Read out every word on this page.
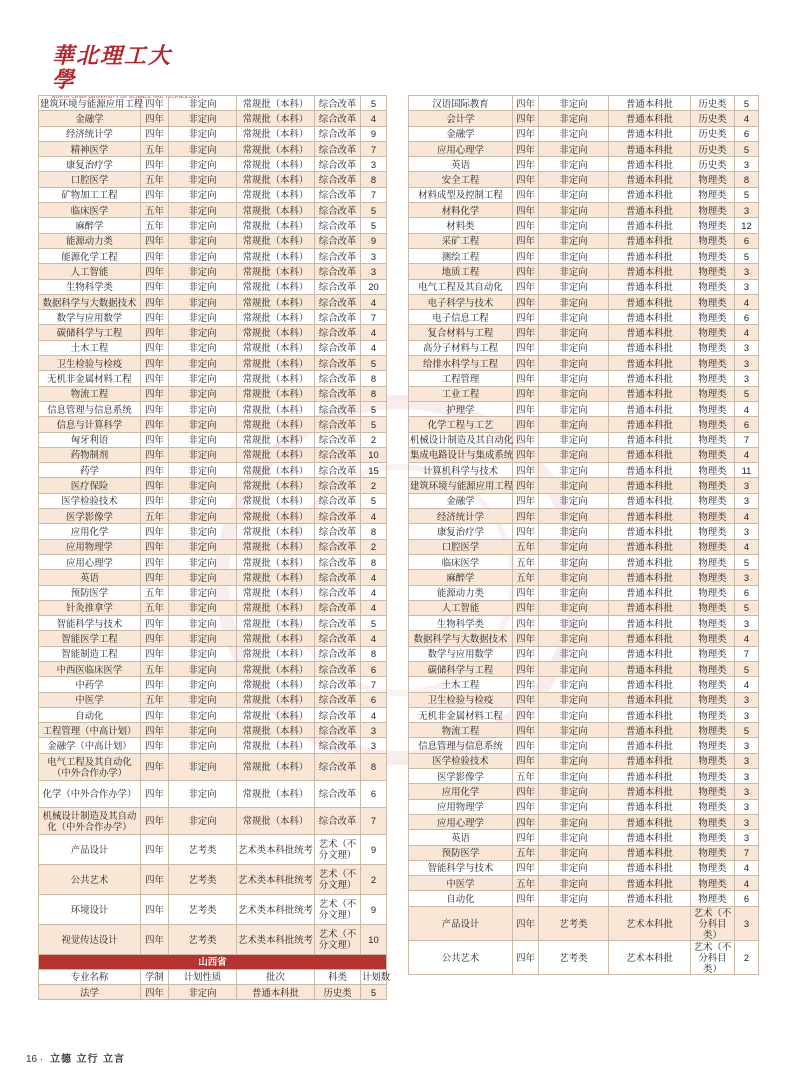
華北理工大學
NORTH CHINA UNIVERSITY OF SCIENCE AND TECHNOLOGY
建筑环境与能源应用工程	四年	非定向	常规批（本科）	综合改革	5
金融学	四年	非定向	常规批（本科）	综合改革	4
经济统计学	四年	非定向	常规批（本科）	综合改革	9
精神医学	五年	非定向	常规批（本科）	综合改革	7
康复治疗学	四年	非定向	常规批（本科）	综合改革	3
口腔医学	五年	非定向	常规批（本科）	综合改革	8
矿物加工工程	四年	非定向	常规批（本科）	综合改革	7
临床医学	五年	非定向	常规批（本科）	综合改革	5
麻醉学	五年	非定向	常规批（本科）	综合改革	5
能源动力类	四年	非定向	常规批（本科）	综合改革	9
能源化学工程	四年	非定向	常规批（本科）	综合改革	3
人工智能	四年	非定向	常规批（本科）	综合改革	3
生物科学类	四年	非定向	常规批（本科）	综合改革	20
数据科学与大数据技术	四年	非定向	常规批（本科）	综合改革	4
数学与应用数学	四年	非定向	常规批（本科）	综合改革	7
碳储科学与工程	四年	非定向	常规批（本科）	综合改革	4
土木工程	四年	非定向	常规批（本科）	综合改革	4
卫生检验与检疫	四年	非定向	常规批（本科）	综合改革	5
无机非金属材料工程	四年	非定向	常规批（本科）	综合改革	8
物流工程	四年	非定向	常规批（本科）	综合改革	8
信息管理与信息系统	四年	非定向	常规批（本科）	综合改革	5
信息与计算科学	四年	非定向	常规批（本科）	综合改革	5
匈牙利语	四年	非定向	常规批（本科）	综合改革	2
药物制剂	四年	非定向	常规批（本科）	综合改革	10
药学	四年	非定向	常规批（本科）	综合改革	15
医疗保险	四年	非定向	常规批（本科）	综合改革	2
医学检验技术	四年	非定向	常规批（本科）	综合改革	5
医学影像学	五年	非定向	常规批（本科）	综合改革	4
应用化学	四年	非定向	常规批（本科）	综合改革	8
应用物理学	四年	非定向	常规批（本科）	综合改革	2
应用心理学	四年	非定向	常规批（本科）	综合改革	8
英语	四年	非定向	常规批（本科）	综合改革	4
预防医学	五年	非定向	常规批（本科）	综合改革	4
针灸推拿学	五年	非定向	常规批（本科）	综合改革	4
智能科学与技术	四年	非定向	常规批（本科）	综合改革	5
智能医学工程	四年	非定向	常规批（本科）	综合改革	4
智能制造工程	四年	非定向	常规批（本科）	综合改革	8
中西医临床医学	五年	非定向	常规批（本科）	综合改革	6
中药学	四年	非定向	常规批（本科）	综合改革	7
中医学	五年	非定向	常规批（本科）	综合改革	6
自动化	四年	非定向	常规批（本科）	综合改革	4
工程管理（中高计划）	四年	非定向	常规批（本科）	综合改革	3
金融学（中高计划）	四年	非定向	常规批（本科）	综合改革	3
电气工程及其自动化（中外合作办学）	四年	非定向	常规批（本科）	综合改革	8
化学（中外合作办学）	四年	非定向	常规批（本科）	综合改革	6
机械设计制造及其自动化（中外合作办学）	四年	非定向	常规批（本科）	综合改革	7
产品设计	四年	艺考类	艺术类本科批统考	艺术（不分文理）	9
公共艺术	四年	艺考类	艺术类本科批统考	艺术（不分文理）	2
环境设计	四年	艺考类	艺术类本科批统考	艺术（不分文理）	9
视觉传达设计	四年	艺考类	艺术类本科批统考	艺术（不分文理）	10
山西省					
专业名称	学制	计划性质	批次	科类	计划数
法学	四年	非定向	普通本科批	历史类	5
汉语国际教育	四年	非定向	普通本科批	历史类	5
会计学	四年	非定向	普通本科批	历史类	4
金融学	四年	非定向	普通本科批	历史类	6
应用心理学	四年	非定向	普通本科批	历史类	5
英语	四年	非定向	普通本科批	历史类	3
安全工程	四年	非定向	普通本科批	物理类	8
材料成型及控制工程	四年	非定向	普通本科批	物理类	5
材料化学	四年	非定向	普通本科批	物理类	3
材料类	四年	非定向	普通本科批	物理类	12
采矿工程	四年	非定向	普通本科批	物理类	6
测绘工程	四年	非定向	普通本科批	物理类	5
地质工程	四年	非定向	普通本科批	物理类	3
电气工程及其自动化	四年	非定向	普通本科批	物理类	3
电子科学与技术	四年	非定向	普通本科批	物理类	4
电子信息工程	四年	非定向	普通本科批	物理类	6
复合材料与工程	四年	非定向	普通本科批	物理类	4
高分子材料与工程	四年	非定向	普通本科批	物理类	3
给排水科学与工程	四年	非定向	普通本科批	物理类	3
工程管理	四年	非定向	普通本科批	物理类	3
工业工程	四年	非定向	普通本科批	物理类	5
护理学	四年	非定向	普通本科批	物理类	4
化学工程与工艺	四年	非定向	普通本科批	物理类	6
机械设计制造及其自动化	四年	非定向	普通本科批	物理类	7
集成电路设计与集成系统	四年	非定向	普通本科批	物理类	4
计算机科学与技术	四年	非定向	普通本科批	物理类	11
建筑环境与能源应用工程	四年	非定向	普通本科批	物理类	3
金融学	四年	非定向	普通本科批	物理类	3
经济统计学	四年	非定向	普通本科批	物理类	4
康复治疗学	四年	非定向	普通本科批	物理类	3
口腔医学	五年	非定向	普通本科批	物理类	4
临床医学	五年	非定向	普通本科批	物理类	5
麻醉学	五年	非定向	普通本科批	物理类	3
能源动力类	四年	非定向	普通本科批	物理类	6
人工智能	四年	非定向	普通本科批	物理类	5
生物科学类	四年	非定向	普通本科批	物理类	3
数据科学与大数据技术	四年	非定向	普通本科批	物理类	4
数学与应用数学	四年	非定向	普通本科批	物理类	7
碳储科学与工程	四年	非定向	普通本科批	物理类	5
土木工程	四年	非定向	普通本科批	物理类	4
卫生检验与检疫	四年	非定向	普通本科批	物理类	3
无机非金属材料工程	四年	非定向	普通本科批	物理类	3
物流工程	四年	非定向	普通本科批	物理类	5
信息管理与信息系统	四年	非定向	普通本科批	物理类	3
医学检验技术	四年	非定向	普通本科批	物理类	3
医学影像学	五年	非定向	普通本科批	物理类	3
应用化学	四年	非定向	普通本科批	物理类	3
应用物理学	四年	非定向	普通本科批	物理类	3
应用心理学	四年	非定向	普通本科批	物理类	3
英语	四年	非定向	普通本科批	物理类	3
预防医学	五年	非定向	普通本科批	物理类	7
智能科学与技术	四年	非定向	普通本科批	物理类	4
中医学	五年	非定向	普通本科批	物理类	4
自动化	四年	非定向	普通本科批	物理类	6
产品设计	四年	艺考类	艺术本科批	艺术（不分科目类）	3
公共艺术	四年	艺考类	艺术本科批	艺术（不分科目类）	2
16 · 立德 立行 立言
